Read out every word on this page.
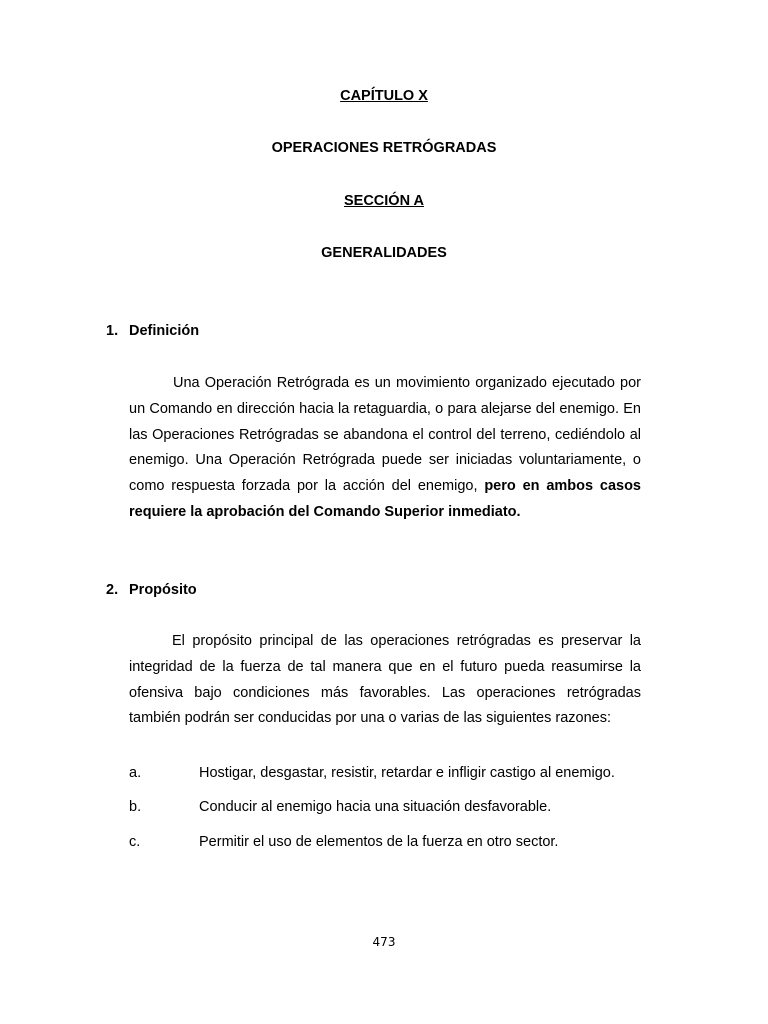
CAPÍTULO X
OPERACIONES RETRÓGRADAS
SECCIÓN A
GENERALIDADES
1. Definición

Una Operación Retrógrada es un movimiento organizado ejecutado por un Comando en dirección hacia la retaguardia, o para alejarse del enemigo. En las Operaciones Retrógradas se abandona el control del terreno, cediéndolo al enemigo. Una Operación Retrógrada puede ser iniciadas voluntariamente, o como respuesta forzada por la acción del enemigo, pero en ambos casos requiere la aprobación del Comando Superior inmediato.

2. Propósito

El propósito principal de las operaciones retrógradas es preservar la integridad de la fuerza de tal manera que en el futuro pueda reasumirse la ofensiva bajo condiciones más favorables. Las operaciones retrógradas también podrán ser conducidas por una o varias de las siguientes razones:

a.	Hostigar, desgastar, resistir, retardar e infligir castigo al enemigo.
b.	Conducir al enemigo hacia una situación desfavorable.
c.	Permitir el uso de elementos de la fuerza en otro sector.
473
